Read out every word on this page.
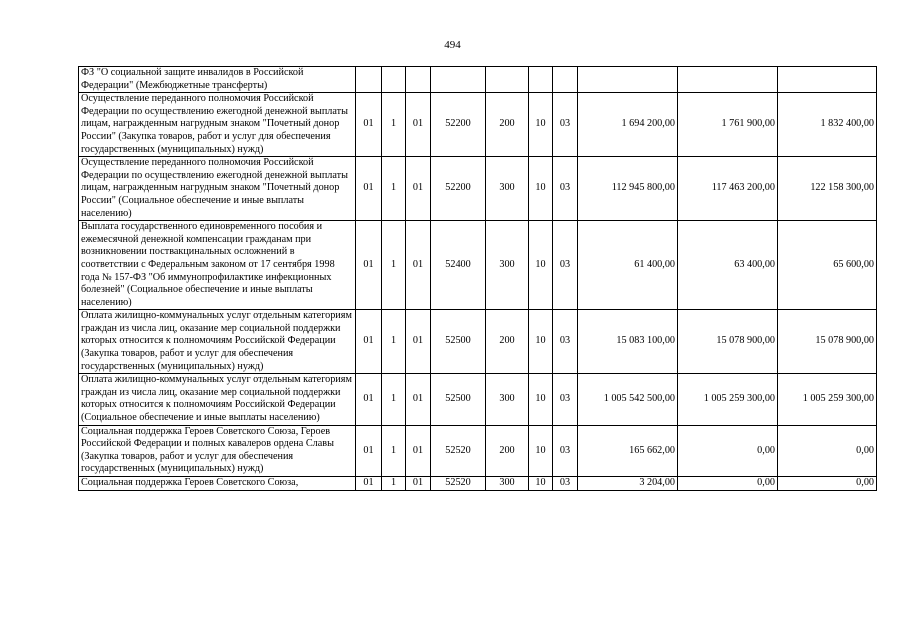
494
ФЗ "О социальной защите инвалидов в Российской Федерации" (Межбюджетные трансферты)										
Осуществление переданного полномочия Российской Федерации по осуществлению ежегодной денежной выплаты лицам, награжденным нагрудным знаком "Почетный донор России" (Закупка товаров, работ и услуг для обеспечения государственных (муниципальных) нужд)	01	1	01	52200	200	10	03	1 694 200,00	1 761 900,00	1 832 400,00
Осуществление переданного полномочия Российской Федерации по осуществлению ежегодной денежной выплаты лицам, награжденным нагрудным знаком "Почетный донор России" (Социальное обеспечение и иные выплаты населению)	01	1	01	52200	300	10	03	112 945 800,00	117 463 200,00	122 158 300,00
Выплата государственного единовременного пособия и ежемесячной денежной компенсации гражданам при возникновении поствакцинальных осложнений в соответствии с Федеральным законом от 17 сентября 1998 года № 157-ФЗ "Об иммунопрофилактике инфекционных болезней" (Социальное обеспечение и иные выплаты населению)	01	1	01	52400	300	10	03	61 400,00	63 400,00	65 600,00
Оплата жилищно-коммунальных услуг отдельным категориям граждан из числа лиц, оказание мер социальной поддержки которых относится к полномочиям Российской Федерации (Закупка товаров, работ и услуг для обеспечения государственных (муниципальных) нужд)	01	1	01	52500	200	10	03	15 083 100,00	15 078 900,00	15 078 900,00
Оплата жилищно-коммунальных услуг отдельным категориям граждан из числа лиц, оказание мер социальной поддержки которых относится к полномочиям Российской Федерации (Социальное обеспечение и иные выплаты населению)	01	1	01	52500	300	10	03	1 005 542 500,00	1 005 259 300,00	1 005 259 300,00
Социальная поддержка Героев Советского Союза, Героев Российской Федерации и полных кавалеров ордена Славы (Закупка товаров, работ и услуг для обеспечения государственных (муниципальных) нужд)	01	1	01	52520	200	10	03	165 662,00	0,00	0,00
Социальная поддержка Героев Советского Союза,	01	1	01	52520	300	10	03	3 204,00	0,00	0,00
